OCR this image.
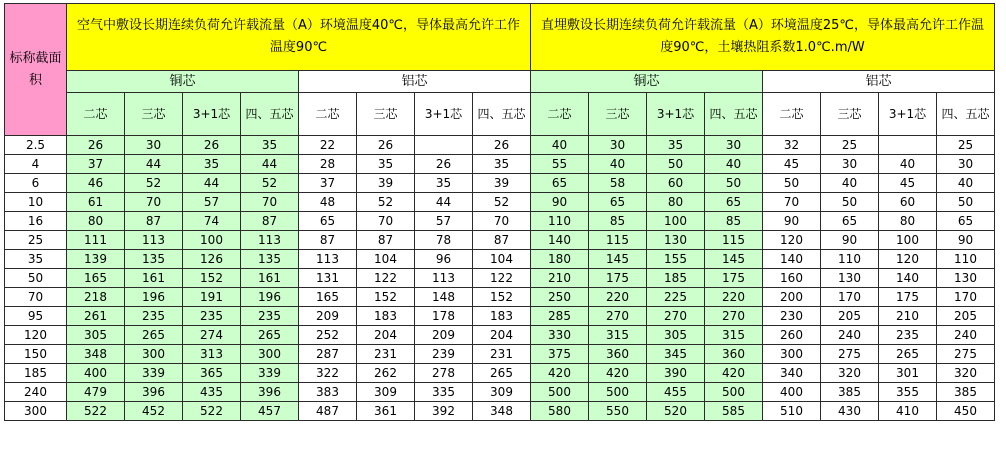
标称截面积	空气中敷设长期连续负荷允许载流量（A）环境温度40℃，导体最高允许工作温度90℃								直埋敷设长期连续负荷允许载流量（A）环境温度25℃，导体最高允许工作温度90℃，土壤热阻系数1.0℃.m/W							
	铜芯				铝芯				铜芯				铝芯			
	二芯	三芯	3+1芯	四、五芯	二芯	三芯	3+1芯	四、五芯	二芯	三芯	3+1芯	四、五芯	二芯	三芯	3+1芯	四、五芯
2.5	26	30	26	35	22	26		26	40	30	35	30	32	25		25
4	37	44	35	44	28	35	26	35	55	40	50	40	45	30	40	30
6	46	52	44	52	37	39	35	39	65	58	60	50	50	40	45	40
10	61	70	57	70	48	52	44	52	90	65	80	65	70	50	60	50
16	80	87	74	87	65	70	57	70	110	85	100	85	90	65	80	65
25	111	113	100	113	87	87	78	87	140	115	130	115	120	90	100	90
35	139	135	126	135	113	104	96	104	180	145	155	145	140	110	120	110
50	165	161	152	161	131	122	113	122	210	175	185	175	160	130	140	130
70	218	196	191	196	165	152	148	152	250	220	225	220	200	170	175	170
95	261	235	235	235	209	183	178	183	285	270	270	270	230	205	210	205
120	305	265	274	265	252	204	209	204	330	315	305	315	260	240	235	240
150	348	300	313	300	287	231	239	231	375	360	345	360	300	275	265	275
185	400	339	365	339	322	262	278	265	420	420	390	420	340	320	301	320
240	479	396	435	396	383	309	335	309	500	500	455	500	400	385	355	385
300	522	452	522	457	487	361	392	348	580	550	520	585	510	430	410	450
